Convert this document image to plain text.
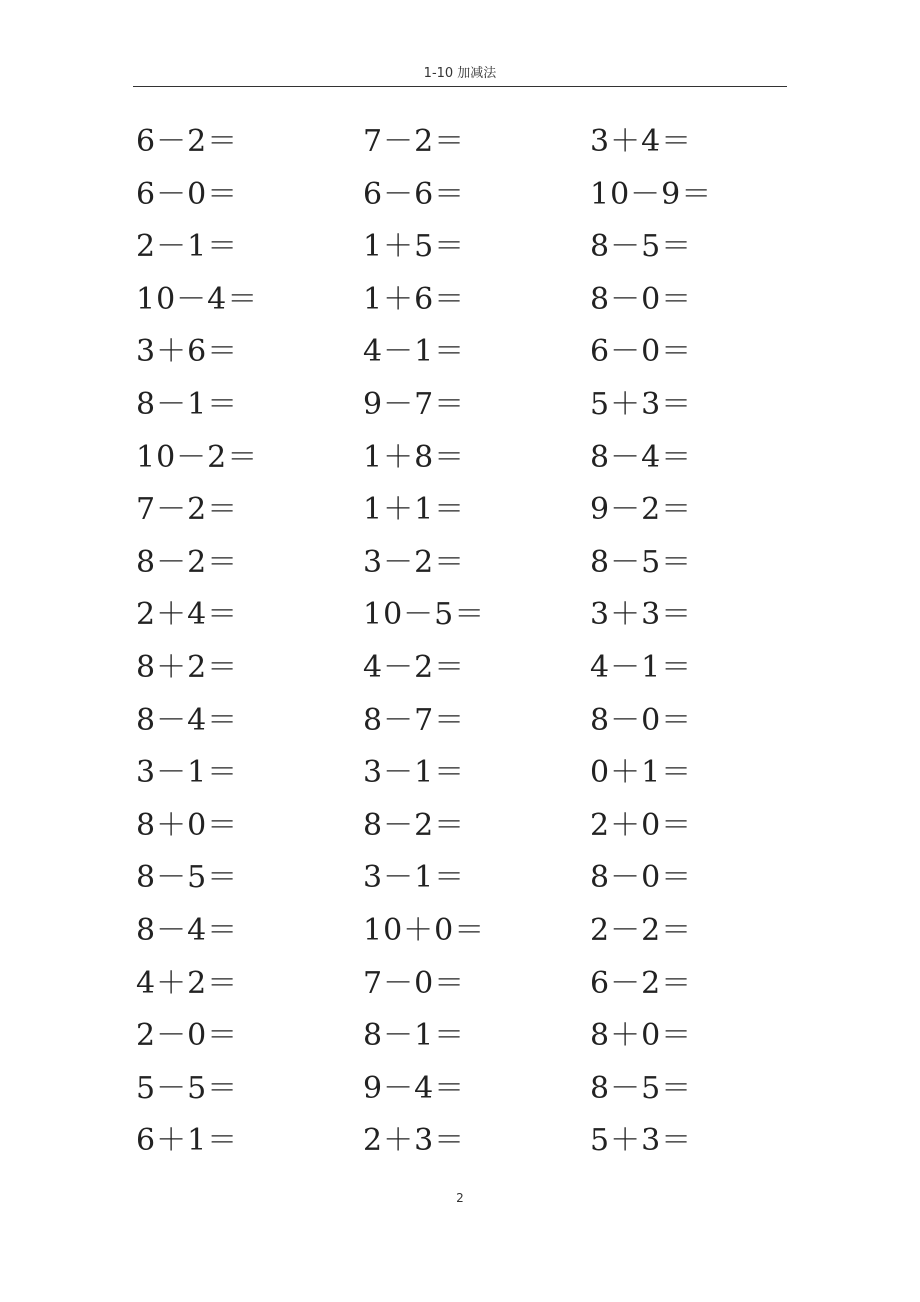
1-10 加减法
6－2＝	7－2＝	3＋4＝
6－0＝	6－6＝	10－9＝
2－1＝	1＋5＝	8－5＝
10－4＝	1＋6＝	8－0＝
3＋6＝	4－1＝	6－0＝
8－1＝	9－7＝	5＋3＝
10－2＝	1＋8＝	8－4＝
7－2＝	1＋1＝	9－2＝
8－2＝	3－2＝	8－5＝
2＋4＝	10－5＝	3＋3＝
8＋2＝	4－2＝	4－1＝
8－4＝	8－7＝	8－0＝
3－1＝	3－1＝	0＋1＝
8＋0＝	8－2＝	2＋0＝
8－5＝	3－1＝	8－0＝
8－4＝	10＋0＝	2－2＝
4＋2＝	7－0＝	6－2＝
2－0＝	8－1＝	8＋0＝
5－5＝	9－4＝	8－5＝
6＋1＝	2＋3＝	5＋3＝
2
